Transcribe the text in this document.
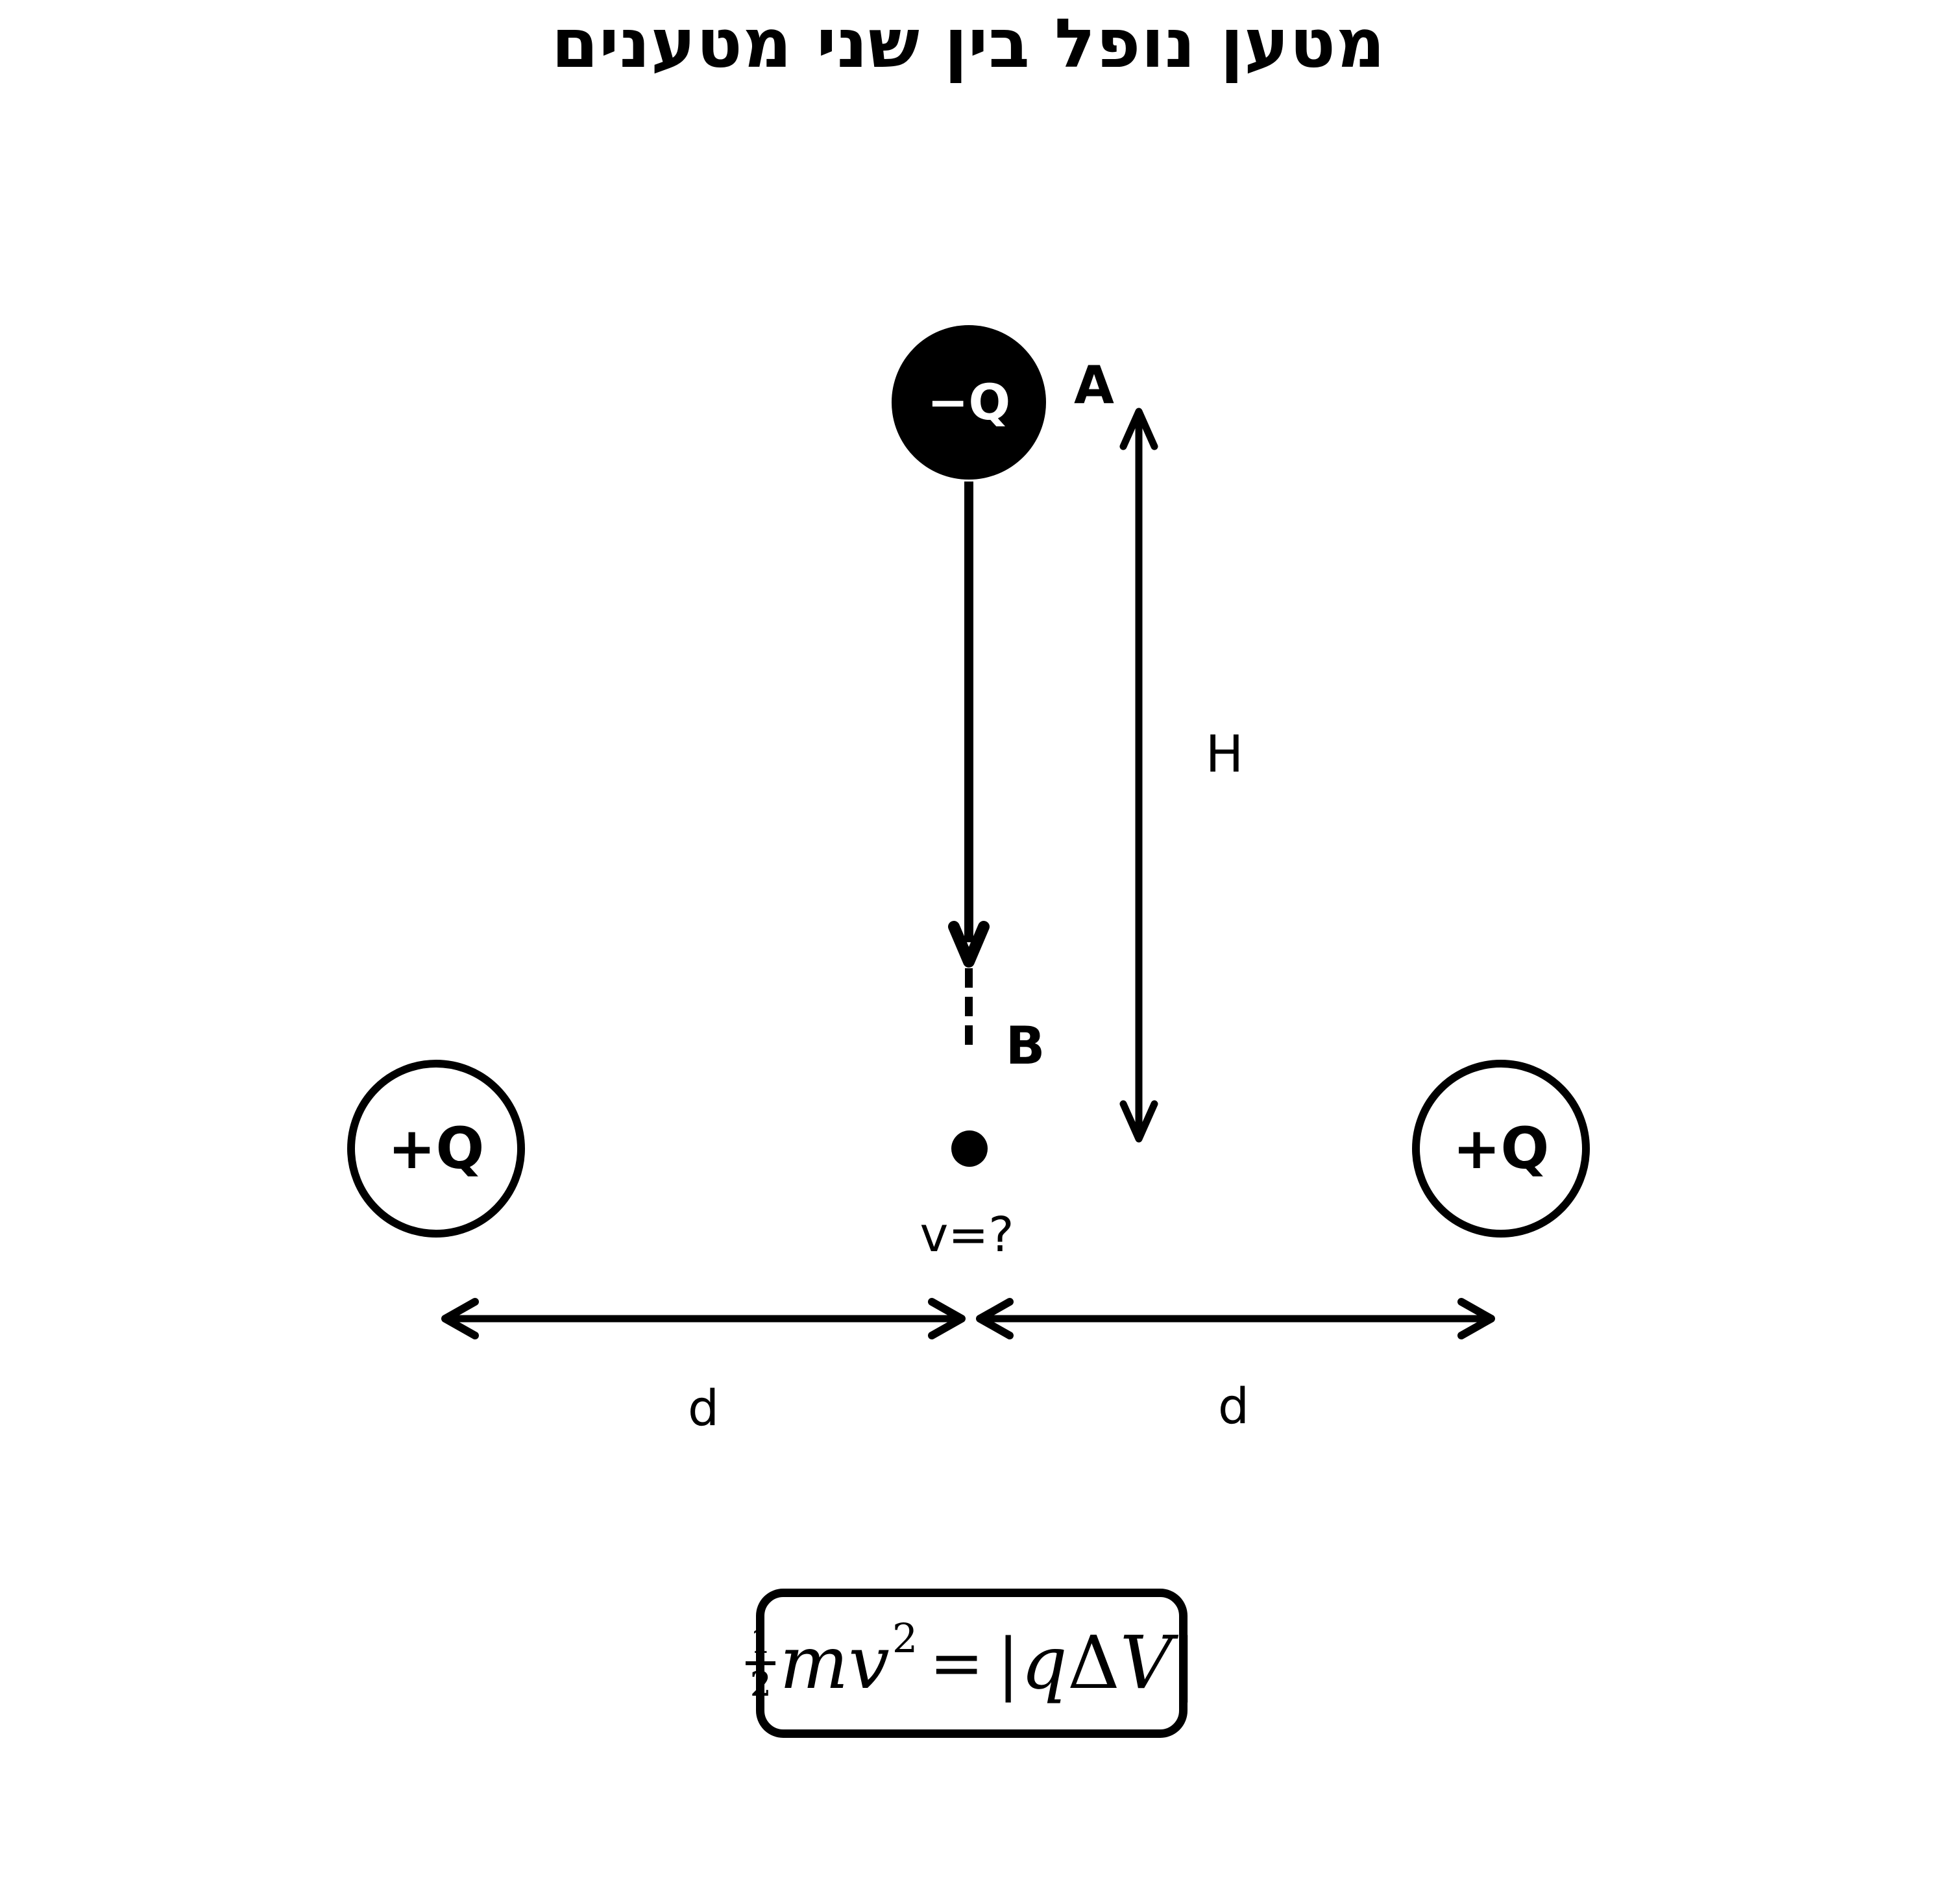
מטען נופל בין שני מטענים
−Q A
B
H
v=?
+Q	+Q
d	d
1
2 $mv^2$ = | q Δ V |
